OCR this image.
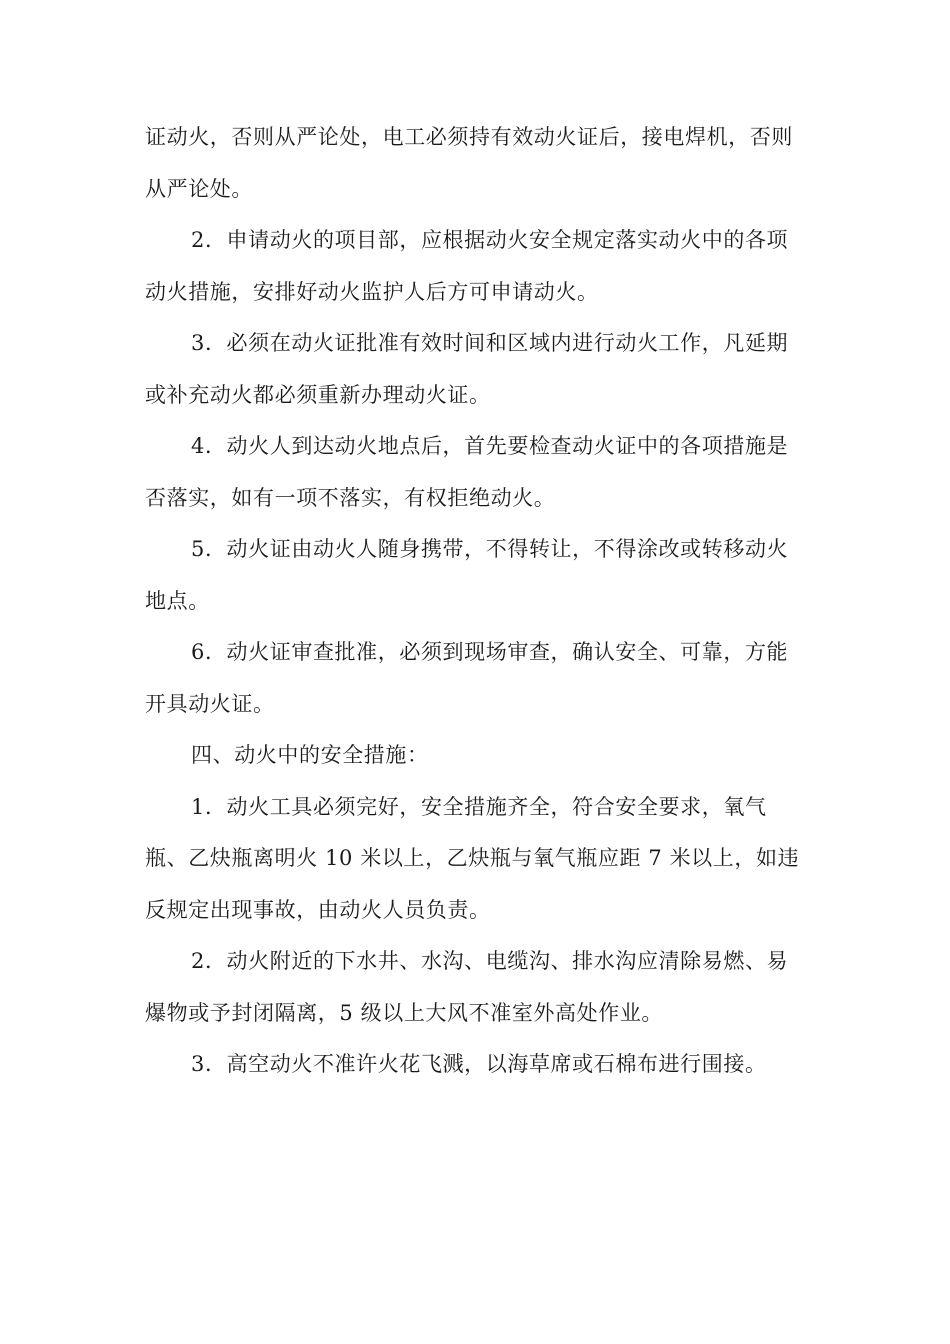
证动火，否则从严论处，电工必须持有效动火证后，接电焊机，否则从严论处。

2．申请动火的项目部，应根据动火安全规定落实动火中的各项动火措施，安排好动火监护人后方可申请动火。

3．必须在动火证批准有效时间和区域内进行动火工作，凡延期或补充动火都必须重新办理动火证。

4．动火人到达动火地点后，首先要检查动火证中的各项措施是否落实，如有一项不落实，有权拒绝动火。

5．动火证由动火人随身携带，不得转让，不得涂改或转移动火地点。

6．动火证审查批准，必须到现场审查，确认安全、可靠，方能开具动火证。

四、动火中的安全措施：

1．动火工具必须完好，安全措施齐全，符合安全要求，氧气瓶、乙炔瓶离明火 10 米以上，乙炔瓶与氧气瓶应距 7 米以上，如违反规定出现事故，由动火人员负责。

2．动火附近的下水井、水沟、电缆沟、排水沟应清除易燃、易爆物或予封闭隔离，5 级以上大风不准室外高处作业。

3．高空动火不准许火花飞溅，以海草席或石棉布进行围接。
